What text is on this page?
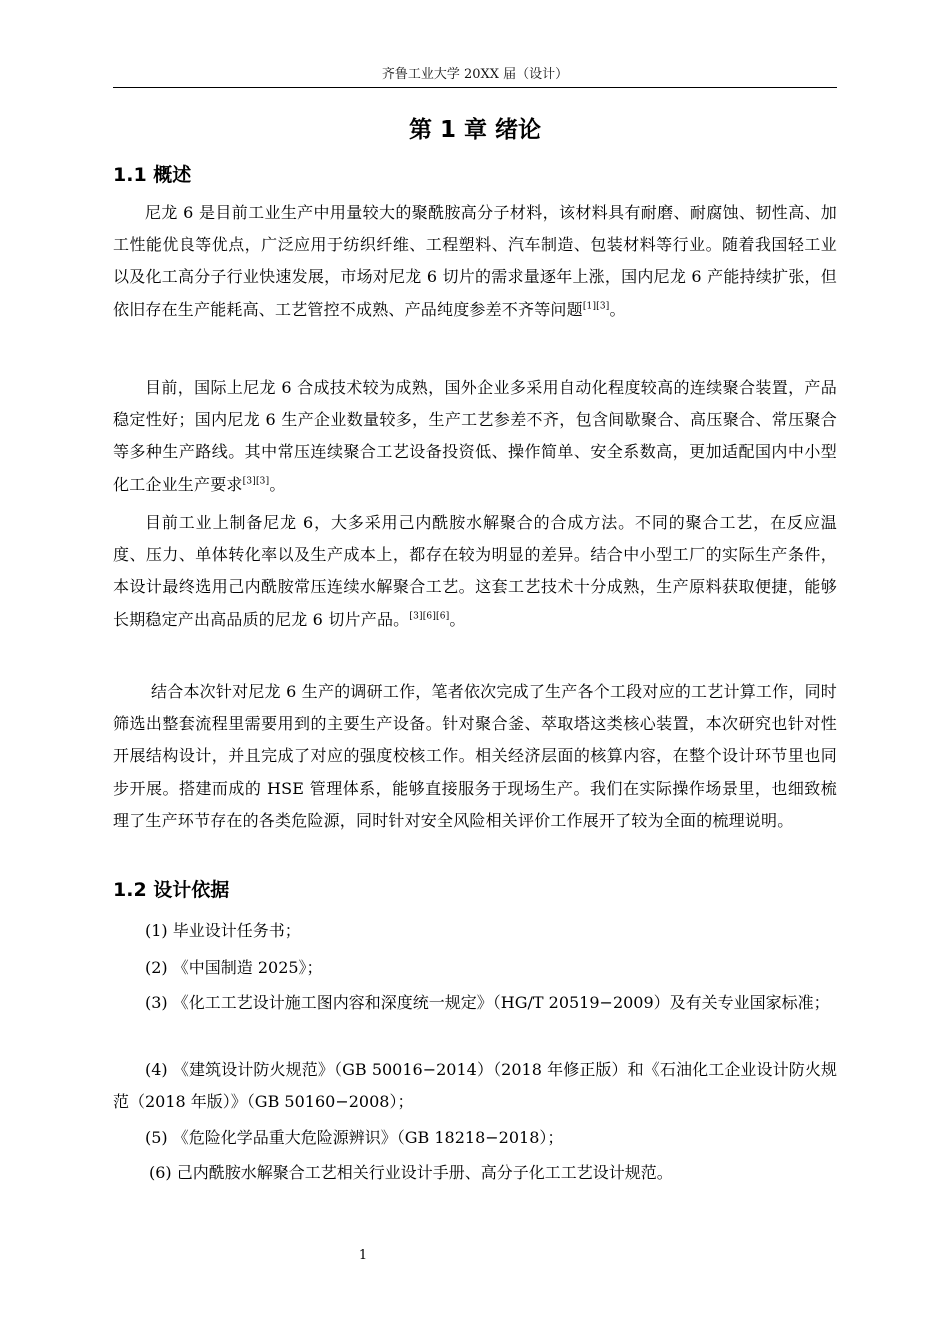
齐鲁工业大学 20XX 届（设计）
第 1 章 绪论
1.1 概述

尼龙 6 是目前工业生产中用量较大的聚酰胺高分子材料，该材料具有耐磨、耐腐蚀、韧性高、加工性能优良等优点，广泛应用于纺织纤维、工程塑料、汽车制造、包装材料等行业。随着我国轻工业以及化工高分子行业快速发展，市场对尼龙 6 切片的需求量逐年上涨，国内尼龙 6 产能持续扩张，但依旧存在生产能耗高、工艺管控不成熟、产品纯度参差不齐等问题[1][3]。

目前，国际上尼龙 6 合成技术较为成熟，国外企业多采用自动化程度较高的连续聚合装置，产品稳定性好；国内尼龙 6 生产企业数量较多，生产工艺参差不齐，包含间歇聚合、高压聚合、常压聚合等多种生产路线。其中常压连续聚合工艺设备投资低、操作简单、安全系数高，更加适配国内中小型化工企业生产要求[3][3]。

目前工业上制备尼龙 6，大多采用己内酰胺水解聚合的合成方法。不同的聚合工艺，在反应温度、压力、单体转化率以及生产成本上，都存在较为明显的差异。结合中小型工厂的实际生产条件，本设计最终选用己内酰胺常压连续水解聚合工艺。这套工艺技术十分成熟，生产原料获取便捷，能够长期稳定产出高品质的尼龙 6 切片产品。[3][6][6]。

结合本次针对尼龙 6 生产的调研工作，笔者依次完成了生产各个工段对应的工艺计算工作，同时筛选出整套流程里需要用到的主要生产设备。针对聚合釜、萃取塔这类核心装置，本次研究也针对性开展结构设计，并且完成了对应的强度校核工作。相关经济层面的核算内容，在整个设计环节里也同步开展。搭建而成的 HSE 管理体系，能够直接服务于现场生产。我们在实际操作场景里，也细致梳理了生产环节存在的各类危险源，同时针对安全风险相关评价工作展开了较为全面的梳理说明。

1.2 设计依据

(1) 毕业设计任务书；

(2) 《中国制造 2025》；

(3) 《化工工艺设计施工图内容和深度统一规定》（HG/T 20519−2009）及有关专业国家标准；

(4) 《建筑设计防火规范》（GB 50016−2014）（2018 年修正版）和《石油化工企业设计防火规范（2018 年版）》（GB 50160−2008）；

(5) 《危险化学品重大危险源辨识》（GB 18218−2018）；

(6) 己内酰胺水解聚合工艺相关行业设计手册、高分子化工工艺设计规范。

1
